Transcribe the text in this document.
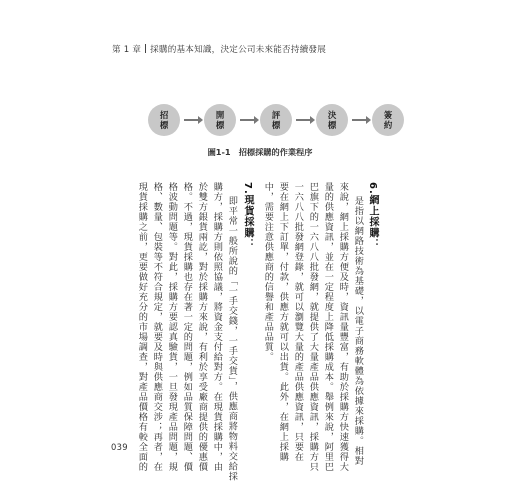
第 1 章 採購的基本知識，決定公司未來能否持續發展
招
標
開
標
評
標
決
標
簽
約
圖1-1　招標採購的作業程序
6.網上採購：
是指以網路技術為基礎，以電子商務軟體為依據來採購。相對
來說，網上採購方便及時，資訊量豐富，有助於採購方快速獲得大
量的供應資訊，並在一定程度上降低採購成本。舉例來說，阿里巴
巴旗下的一六八八批發網，就提供了大量產品供應資訊，採購方只
一六八八批發網登錄，就可以瀏覽大量的產品供應資訊，只要在
要在網上下訂單，付款，供應方就可以出貨。此外，在網上採購
中，需要注意供應商的信譽和產品品質。
7.現貨採購：
即平常一般所說的「一手交錢，一手交貨」，供應商將物料交給採
購方，採購方則依照協議，將資金支付給對方。在現貨採購中，由
於雙方銀貨兩訖，對於採購方來說，有利於享受廠商提供的優惠價
格。不過，現貨採購也存在著一定的問題，例如品質保障問題、價
格波動問題等。對此，採購方要認真驗貨，一旦發現產品問題，規
格、數量、包裝等不符合規定，就要及時與供應商交涉；再者，在
現貨採購之前，更要做好充分的市場調查，對產品價格有較全面的
039
